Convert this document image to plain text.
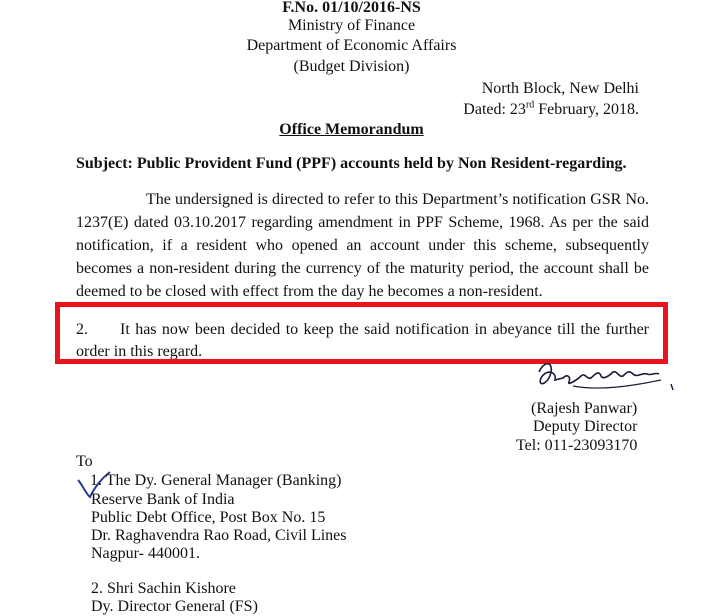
F.No. 01/10/2016-NS
Ministry of Finance
Department of Economic Affairs
(Budget Division)
North Block, New Delhi
Dated: 23rd February, 2018.
Office Memorandum
Subject: Public Provident Fund (PPF) accounts held by Non Resident-regarding.
The undersigned is directed to refer to this Department’s notification GSR No.
1237(E) dated 03.10.2017 regarding amendment in PPF Scheme, 1968. As per the said
notification, if a resident who opened an account under this scheme, subsequently
becomes a non-resident during the currency of the maturity period, the account shall be
deemed to be closed with effect from the day he becomes a non-resident.
2. It has now been decided to keep the said notification in abeyance till the further
order in this regard.
(Rajesh Panwar)
Deputy Director
Tel: 011-23093170
To
1. The Dy. General Manager (Banking)
Reserve Bank of India
Public Debt Office, Post Box No. 15
Dr. Raghavendra Rao Road, Civil Lines
Nagpur- 440001.
2. Shri Sachin Kishore
Dy. Director General (FS)
